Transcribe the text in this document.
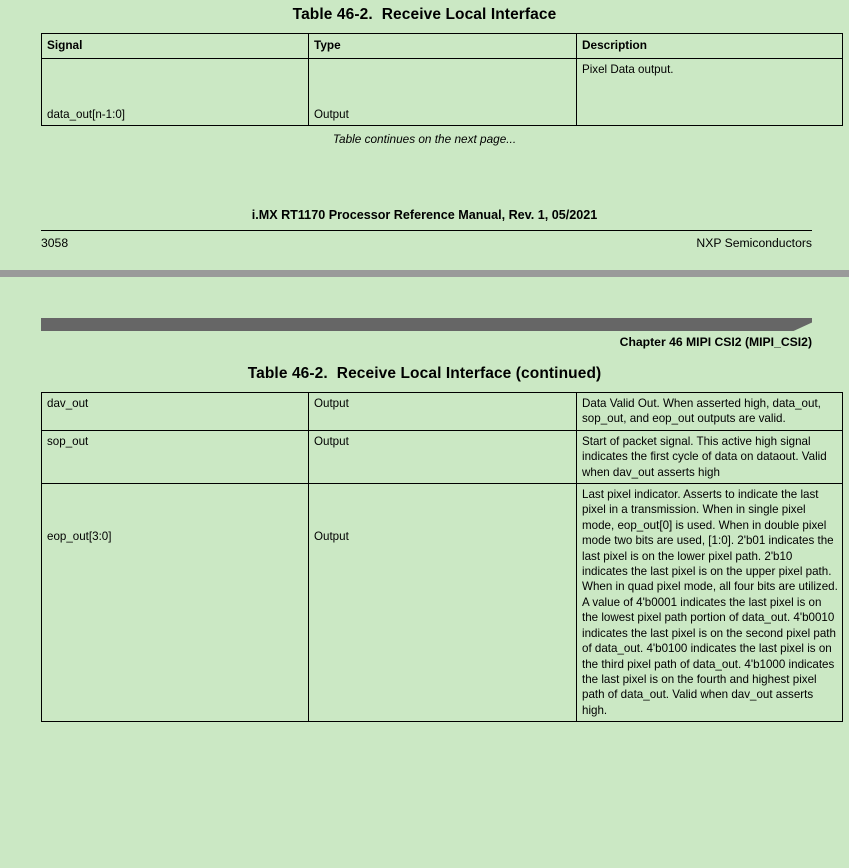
Table 46-2. Receive Local Interface
Signal	Type	Description
data_out[n-1:0]	Output	Pixel Data output.
Table continues on the next page...
i.MX RT1170 Processor Reference Manual, Rev. 1, 05/2021
3058	NXP Semiconductors
Chapter 46 MIPI CSI2 (MIPI_CSI2)
Table 46-2. Receive Local Interface (continued)
dav_out	Output	Data Valid Out. When asserted high, data_out, sop_out, and eop_out outputs are valid.
sop_out	Output	Start of packet signal. This active high signal indicates the first cycle of data on dataout. Valid when dav_out asserts high
eop_out[3:0]	Output	Last pixel indicator. Asserts to indicate the last pixel in a transmission. When in single pixel mode, eop_out[0] is used. When in double pixel mode two bits are used, [1:0]. 2'b01 indicates the last pixel is on the lower pixel path. 2'b10 indicates the last pixel is on the upper pixel path. When in quad pixel mode, all four bits are utilized. A value of 4'b0001 indicates the last pixel is on the lowest pixel path portion of data_out. 4'b0010 indicates the last pixel is on the second pixel path of data_out. 4'b0100 indicates the last pixel is on the third pixel path of data_out. 4'b1000 indicates the last pixel is on the fourth and highest pixel path of data_out. Valid when dav_out asserts high.
